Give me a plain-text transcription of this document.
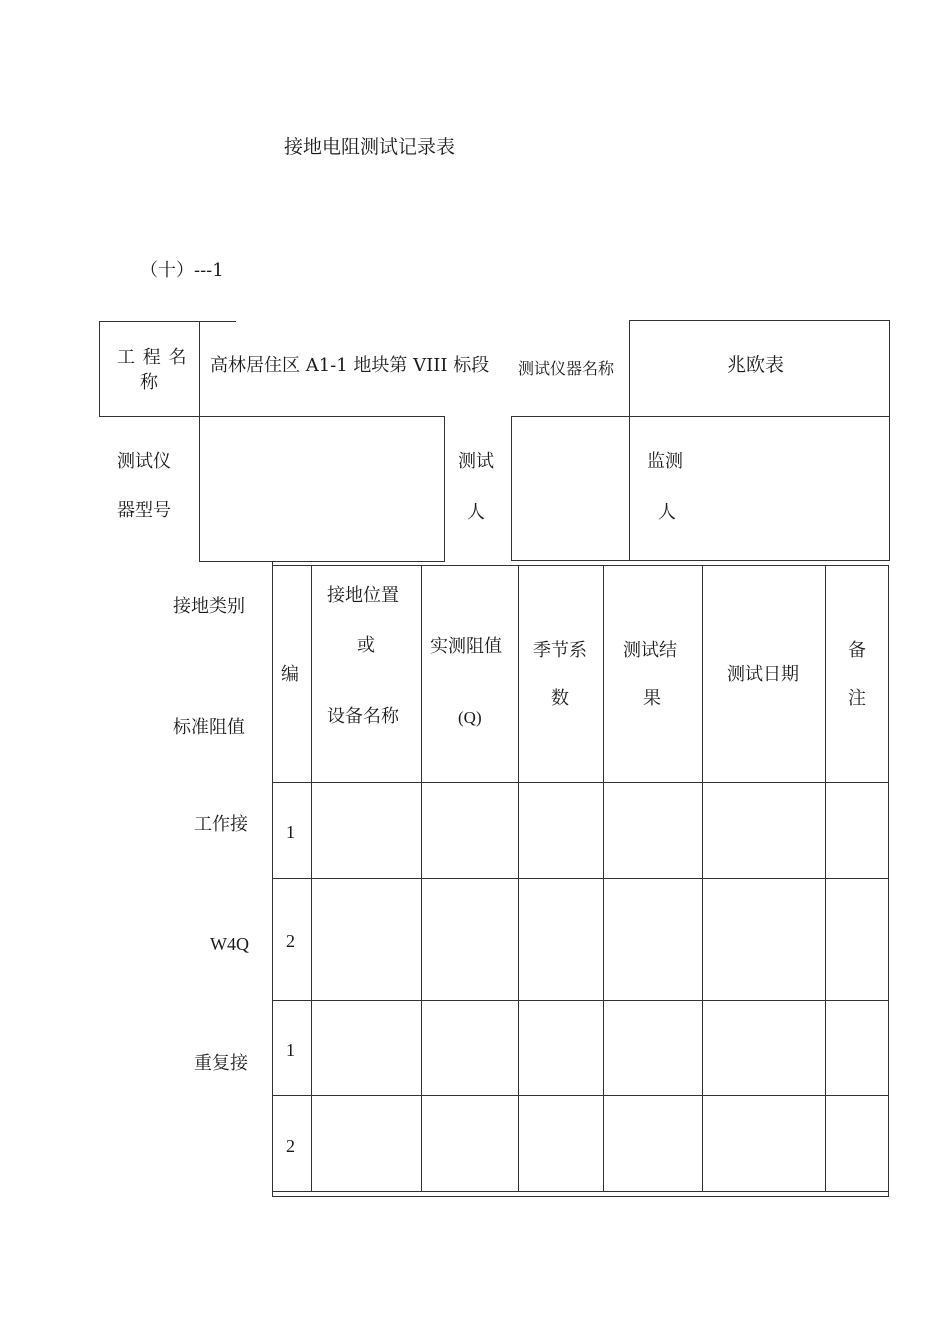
接地电阻测试记录表
（十）---1
工 程 名
称
高林居住区 A1-1 地块第 VIII 标段 测试仪器名称	兆欧表
测试仪
器型号
测试
人
监测
人
接地类别
标准阻值
工作接
W4Q
重复接
编
接地位置
或
设备名称
实测阻值
(Q)
季节系
数
测试结
果
测试日期
备
注
1
2
1
2
